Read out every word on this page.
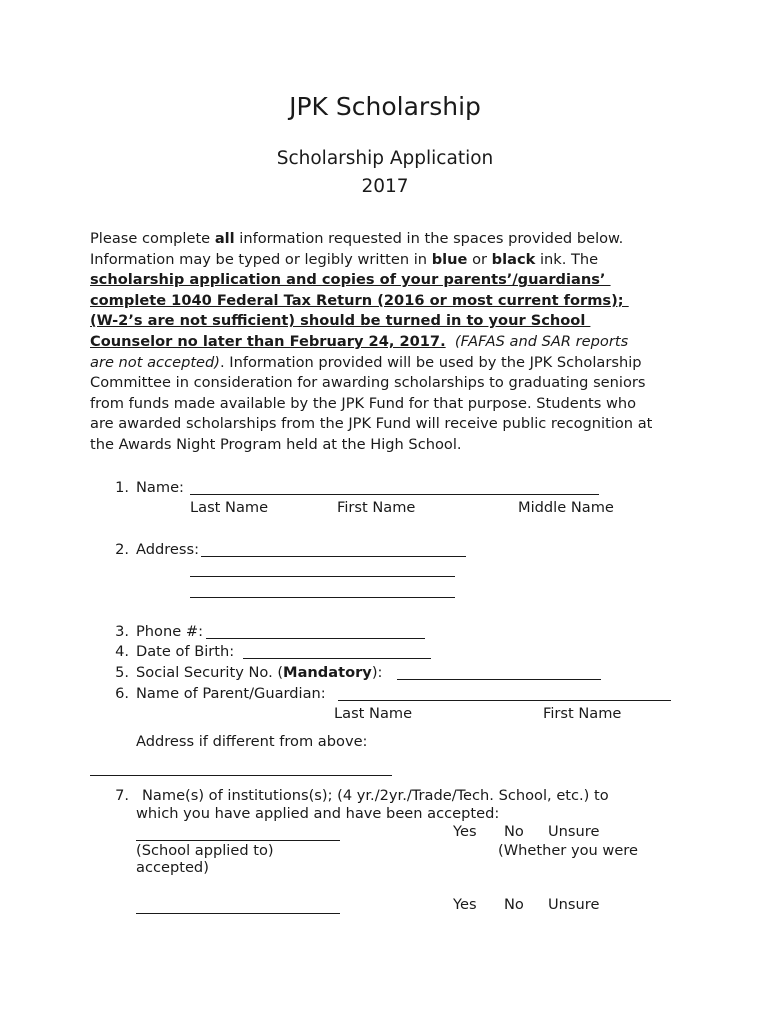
JPK Scholarship
Scholarship Application
2017
Please complete all information requested in the spaces provided below.
Information may be typed or legibly written in blue or black ink. The
scholarship application and copies of your parents’/guardians’
complete 1040 Federal Tax Return (2016 or most current forms);
(W-2’s are not sufficient) should be turned in to your School
Counselor no later than February 24, 2017.  (FAFAS and SAR reports
are not accepted). Information provided will be used by the JPK Scholarship
Committee in consideration for awarding scholarships to graduating seniors
from funds made available by the JPK Fund for that purpose. Students who
are awarded scholarships from the JPK Fund will receive public recognition at
the Awards Night Program held at the High School.
1. Name:
Last Name	First Name	Middle Name
2. Address:
3. Phone #:
4. Date of Birth:
5. Social Security No. (Mandatory):
6. Name of Parent/Guardian:
Last Name	First Name
Address if different from above:
7. Name(s) of institutions(s); (4 yr./2yr./Trade/Tech. School, etc.) to
which you have applied and have been accepted:
Yes No Unsure
(School applied to)	(Whether you were
accepted)
Yes No Unsure
